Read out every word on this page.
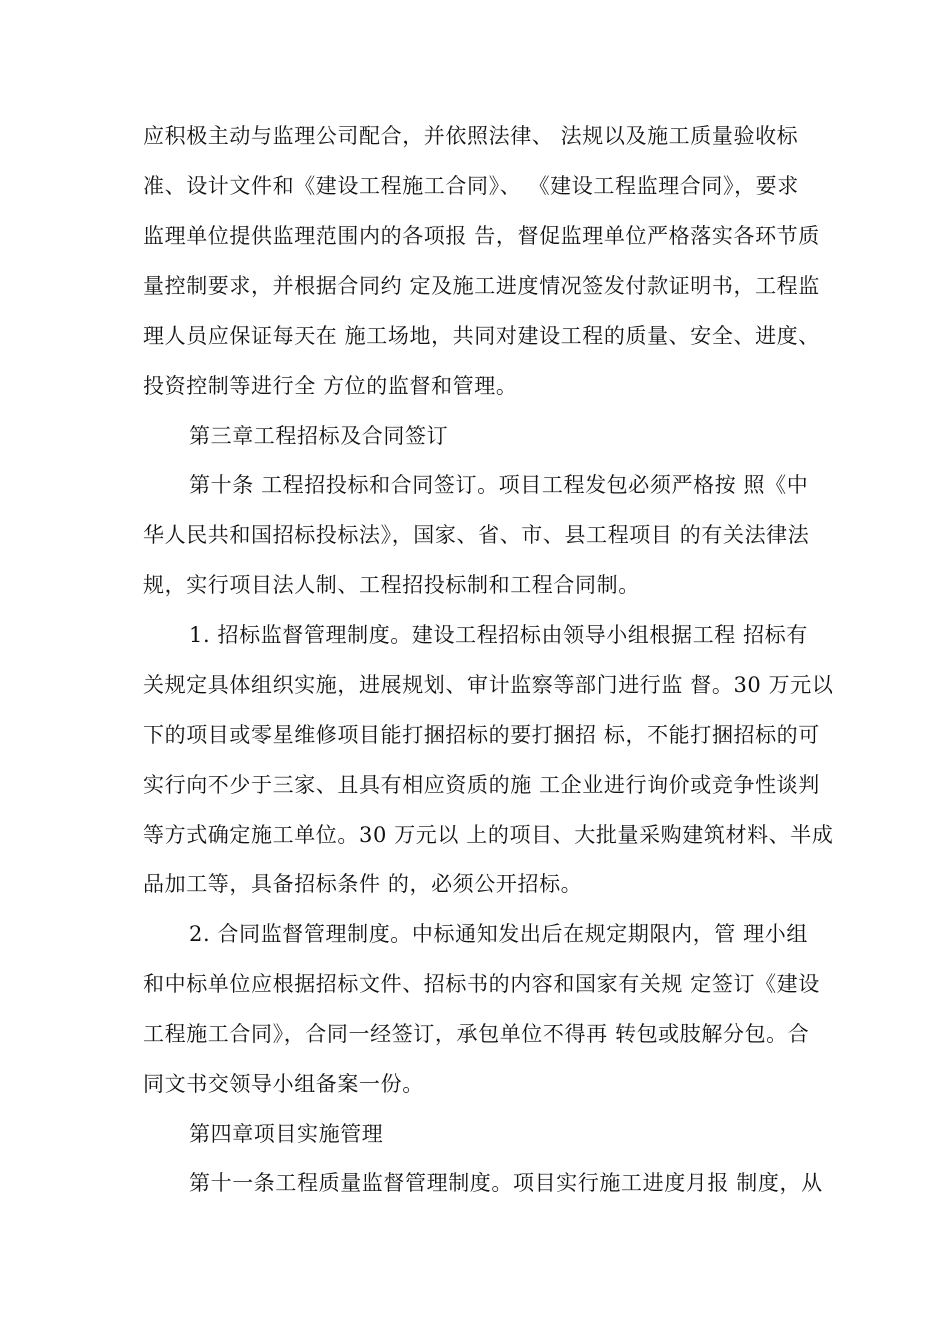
应积极主动与监理公司配合，并依照法律、 法规以及施工质量验收标
准、设计文件和《建设工程施工合同》、 《建设工程监理合同》，要求
监理单位提供监理范围内的各项报 告，督促监理单位严格落实各环节质
量控制要求，并根据合同约 定及施工进度情况签发付款证明书，工程监
理人员应保证每天在 施工场地，共同对建设工程的质量、安全、进度、
投资控制等进行全 方位的监督和管理。
第三章工程招标及合同签订
第十条 工程招投标和合同签订。项目工程发包必须严格按 照《中
华人民共和国招标投标法》，国家、省、市、县工程项目 的有关法律法
规，实行项目法人制、工程招投标制和工程合同制。
1. 招标监督管理制度。建设工程招标由领导小组根据工程 招标有
关规定具体组织实施，进展规划、审计监察等部门进行监 督。30 万元以
下的项目或零星维修项目能打捆招标的要打捆招 标，不能打捆招标的可
实行向不少于三家、且具有相应资质的施 工企业进行询价或竞争性谈判
等方式确定施工单位。30 万元以 上的项目、大批量采购建筑材料、半成
品加工等，具备招标条件 的，必须公开招标。
2. 合同监督管理制度。中标通知发出后在规定期限内，管 理小组
和中标单位应根据招标文件、招标书的内容和国家有关规 定签订《建设
工程施工合同》，合同一经签订，承包单位不得再 转包或肢解分包。合
同文书交领导小组备案一份。
第四章项目实施管理
第十一条工程质量监督管理制度。项目实行施工进度月报 制度，从
